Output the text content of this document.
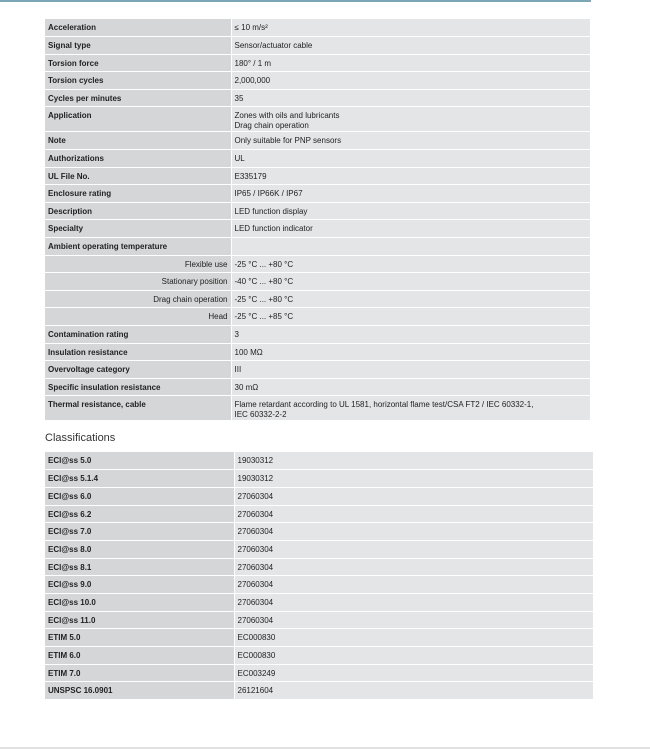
Acceleration	≤ 10 m/s²

Signal type	Sensor/actuator cable

Torsion force	180° / 1 m

Torsion cycles	2,000,000

Cycles per minutes	35

Application	Zones with oils and lubricants
Drag chain operation

Note	Only suitable for PNP sensors

Authorizations	UL

UL File No.	E335179

Enclosure rating	IP65 / IP66K / IP67

Description	LED function display

Specialty	LED function indicator

Ambient operating temperature	

Flexible use	-25 °C ... +80 °C

Stationary position	-40 °C ... +80 °C

Drag chain operation	-25 °C ... +80 °C

Head	-25 °C ... +85 °C

Contamination rating	3

Insulation resistance	100 MΩ

Overvoltage category	III

Specific insulation resistance	30 mΩ

Thermal resistance, cable	Flame retardant according to UL 1581, horizontal flame test/CSA FT2 / IEC 60332-1,
IEC 60332-2-2
Classifications
ECl@ss 5.0	19030312

ECl@ss 5.1.4	19030312

ECl@ss 6.0	27060304

ECl@ss 6.2	27060304

ECl@ss 7.0	27060304

ECl@ss 8.0	27060304

ECl@ss 8.1	27060304

ECl@ss 9.0	27060304

ECl@ss 10.0	27060304

ECl@ss 11.0	27060304

ETIM 5.0	EC000830

ETIM 6.0	EC000830

ETIM 7.0	EC003249

UNSPSC 16.0901	26121604
